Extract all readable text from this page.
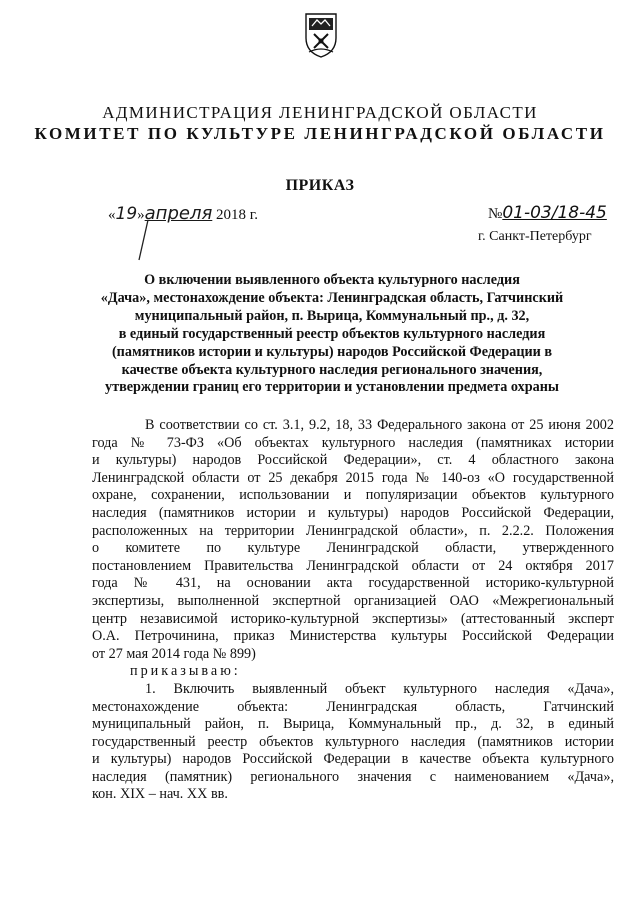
АДМИНИСТРАЦИЯ ЛЕНИНГРАДСКОЙ ОБЛАСТИ
КОМИТЕТ ПО КУЛЬТУРЕ ЛЕНИНГРАДСКОЙ ОБЛАСТИ
ПРИКАЗ
«19»апреля 2018 г.	№01-03/18-45
г. Санкт-Петербург
О включении выявленного объекта культурного наследия
«Дача», местонахождение объекта: Ленинградская область, Гатчинский
муниципальный район, п. Вырица, Коммунальный пр., д. 32,
в единый государственный реестр объектов культурного наследия
(памятников истории и культуры) народов Российской Федерации в
качестве объекта культурного наследия регионального значения,
утверждении границ его территории и установлении предмета охраны
В соответствии со ст. 3.1, 9.2, 18, 33 Федерального закона от 25 июня 2002
года № 73-ФЗ «Об объектах культурного наследия (памятниках истории
и культуры) народов Российской Федерации», ст. 4 областного закона
Ленинградской области от 25 декабря 2015 года № 140-оз «О государственной
охране, сохранении, использовании и популяризации объектов культурного
наследия (памятников истории и культуры) народов Российской Федерации,
расположенных на территории Ленинградской области», п. 2.2.2. Положения
о комитете по культуре Ленинградской области, утвержденного
постановлением Правительства Ленинградской области от 24 октября 2017
года № 431, на основании акта государственной историко-культурной
экспертизы, выполненной экспертной организацией ОАО «Межрегиональный
центр независимой историко-культурной экспертизы» (аттестованный эксперт
О.А. Петрочинина, приказ Министерства культуры Российской Федерации
от 27 мая 2014 года № 899)
приказываю:
1. Включить выявленный объект культурного наследия «Дача»,
местонахождение объекта: Ленинградская область, Гатчинский
муниципальный район, п. Вырица, Коммунальный пр., д. 32, в единый
государственный реестр объектов культурного наследия (памятников истории
и культуры) народов Российской Федерации в качестве объекта культурного
наследия (памятник) регионального значения с наименованием «Дача»,
кон. XIX – нач. XX вв.
